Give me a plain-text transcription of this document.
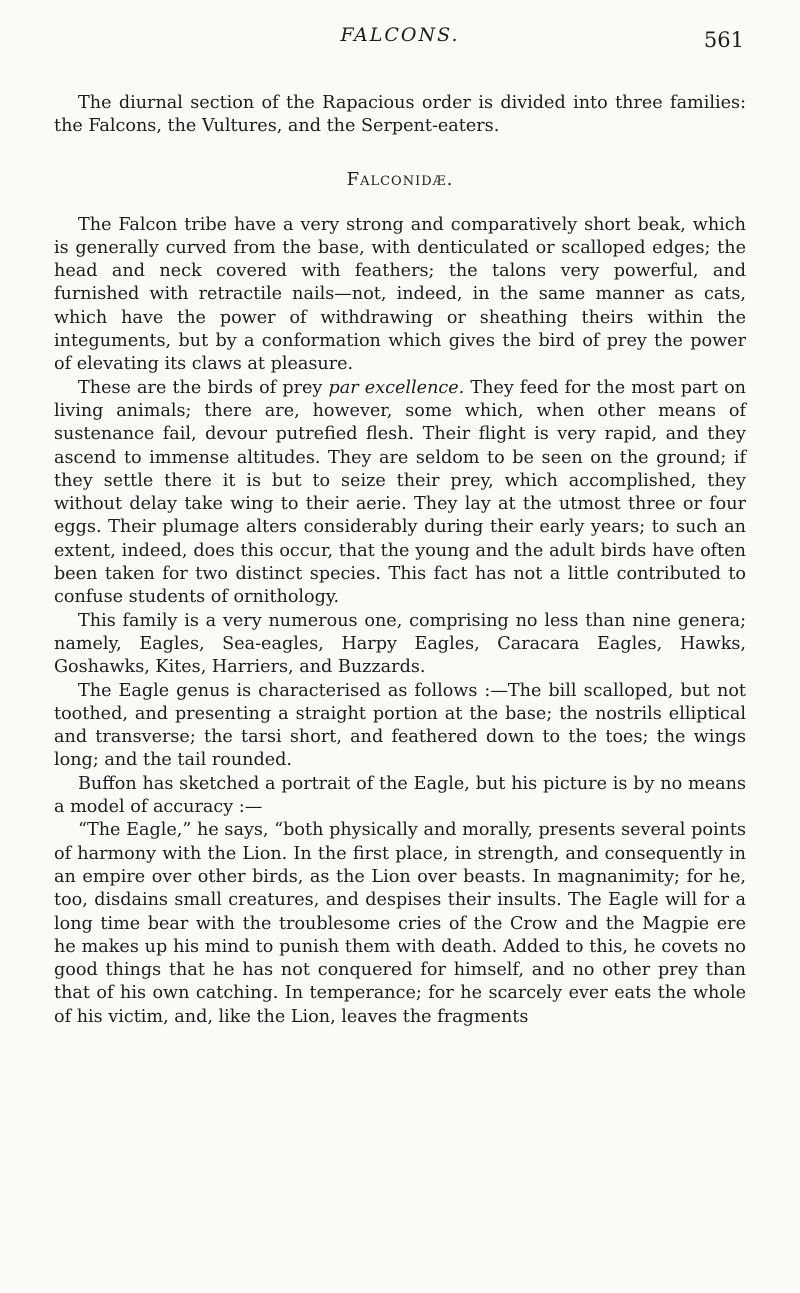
FALCONS.	561

The diurnal section of the Rapacious order is divided into three families: the Falcons, the Vultures, and the Serpent-eaters.

Falconidæ.

The Falcon tribe have a very strong and comparatively short beak, which is generally curved from the base, with denticulated or scalloped edges; the head and neck covered with feathers; the talons very powerful, and furnished with retractile nails—not, indeed, in the same manner as cats, which have the power of withdrawing or sheathing theirs within the integuments, but by a conformation which gives the bird of prey the power of elevating its claws at pleasure.

These are the birds of prey par excellence. They feed for the most part on living animals; there are, however, some which, when other means of sustenance fail, devour putrefied flesh. Their flight is very rapid, and they ascend to immense altitudes. They are seldom to be seen on the ground; if they settle there it is but to seize their prey, which accomplished, they without delay take wing to their aerie. They lay at the utmost three or four eggs. Their plumage alters considerably during their early years; to such an extent, indeed, does this occur, that the young and the adult birds have often been taken for two distinct species. This fact has not a little contributed to confuse students of ornithology.

This family is a very numerous one, comprising no less than nine genera; namely, Eagles, Sea-eagles, Harpy Eagles, Caracara Eagles, Hawks, Goshawks, Kites, Harriers, and Buzzards.

The Eagle genus is characterised as follows :—The bill scalloped, but not toothed, and presenting a straight portion at the base; the nostrils elliptical and transverse; the tarsi short, and feathered down to the toes; the wings long; and the tail rounded.

Buffon has sketched a portrait of the Eagle, but his picture is by no means a model of accuracy :—

“The Eagle,” he says, “both physically and morally, presents several points of harmony with the Lion. In the first place, in strength, and consequently in an empire over other birds, as the Lion over beasts. In magnanimity; for he, too, disdains small creatures, and despises their insults. The Eagle will for a long time bear with the troublesome cries of the Crow and the Magpie ere he makes up his mind to punish them with death. Added to this, he covets no good things that he has not conquered for himself, and no other prey than that of his own catching. In temperance; for he scarcely ever eats the whole of his victim, and, like the Lion, leaves the fragments
